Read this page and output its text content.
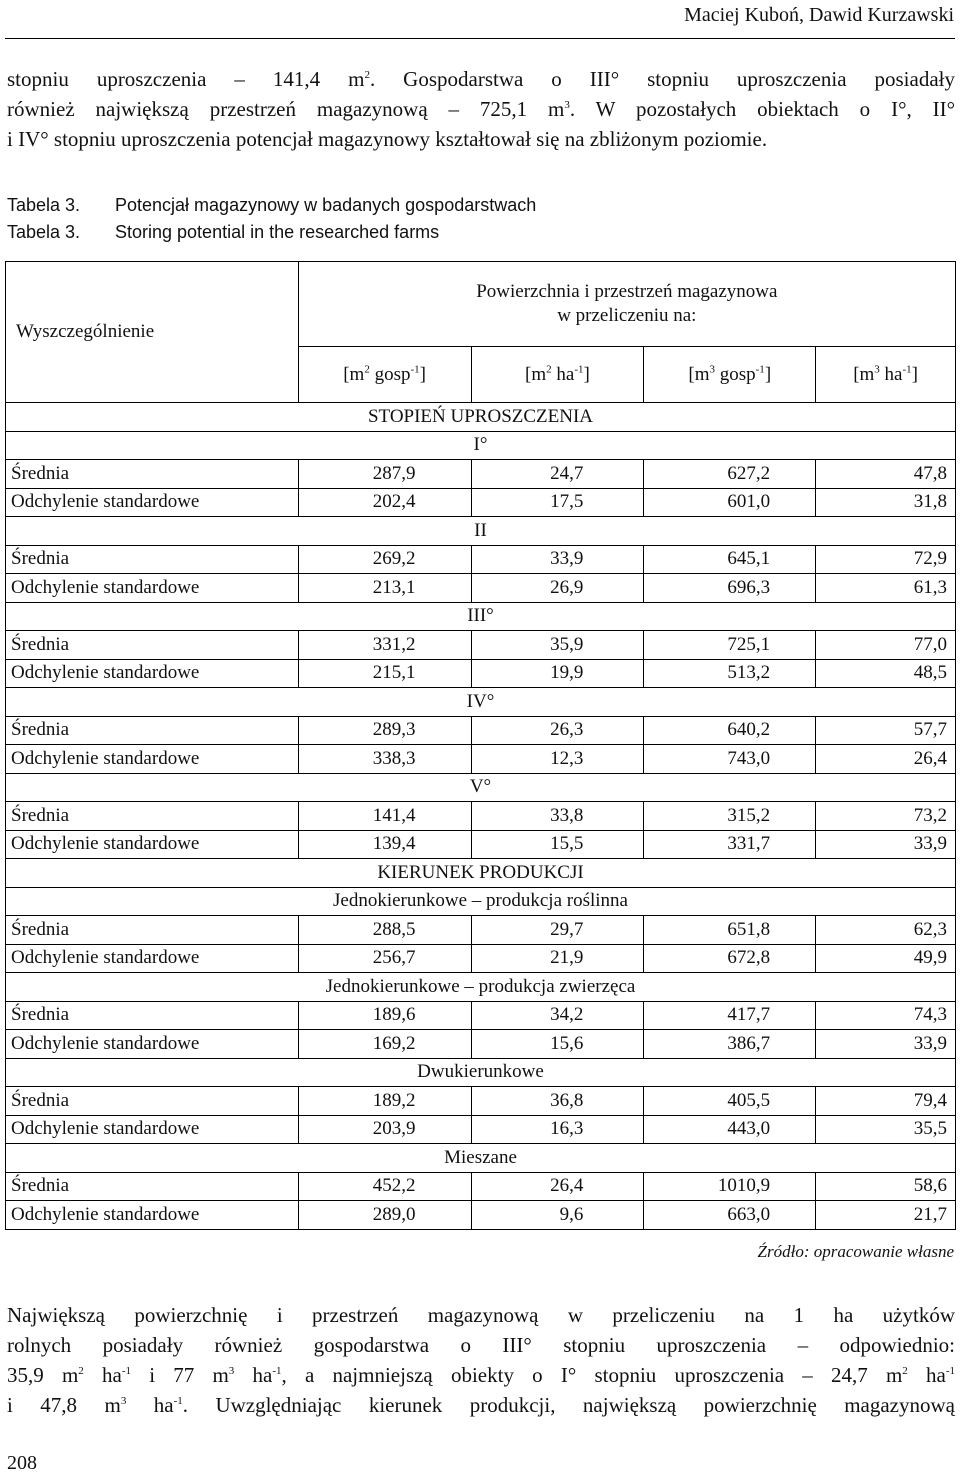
Maciej Kuboń, Dawid Kurzawski

stopniu uproszczenia – 141,4 $m^2$. Gospodarstwa o III° stopniu uproszczenia posiadały

również największą przestrzeń magazynową – 725,1 $m^3$. W pozostałych obiektach o I°, II°

i IV° stopniu uproszczenia potencjał magazynowy kształtował się na zbliżonym poziomie.

Tabela 3. Potencjał magazynowy w badanych gospodarstwach
Tabela 3. Storing potential in the researched farms
Wyszczególnienie	Powierzchnia i przestrzeń magazynowa
w przeliczeniu na:			

	[$m^2$ gosp$^{-1}$]	[$m^2$ $ha^{-1}$]	[$m^3$ gosp$^{-1}$]	[$m^3$ $ha^{-1}$]
STOPIEŃ UPROSZCZENIA				
I°				
Średnia	287,9	24,7	627,2	47,8
Odchylenie standardowe	202,4	17,5	601,0	31,8
II				
Średnia	269,2	33,9	645,1	72,9
Odchylenie standardowe	213,1	26,9	696,3	61,3
III°				
Średnia	331,2	35,9	725,1	77,0
Odchylenie standardowe	215,1	19,9	513,2	48,5
IV°				
Średnia	289,3	26,3	640,2	57,7
Odchylenie standardowe	338,3	12,3	743,0	26,4
V°				
Średnia	141,4	33,8	315,2	73,2
Odchylenie standardowe	139,4	15,5	331,7	33,9
KIERUNEK PRODUKCJI				
Jednokierunkowe – produkcja roślinna				
Średnia	288,5	29,7	651,8	62,3
Odchylenie standardowe	256,7	21,9	672,8	49,9
Jednokierunkowe – produkcja zwierzęca				
Średnia	189,6	34,2	417,7	74,3
Odchylenie standardowe	169,2	15,6	386,7	33,9
Dwukierunkowe				
Średnia	189,2	36,8	405,5	79,4
Odchylenie standardowe	203,9	16,3	443,0	35,5
Mieszane				
Średnia	452,2	26,4	1010,9	58,6
Odchylenie standardowe	289,0	9,6	663,0	21,7
Źródło: opracowanie własne

Największą powierzchnię i przestrzeń magazynową w przeliczeniu na 1 ha użytków

rolnych posiadały również gospodarstwa o III° stopniu uproszczenia – odpowiednio:

35,9 $m^2$ $ha^{-1}$ i 77 $m^3$ $ha^{-1}$, a najmniejszą obiekty o I° stopniu uproszczenia – 24,7 $m^2$ $ha^{-1}$

i 47,8 $m^3$ $ha^{-1}$. Uwzględniając kierunek produkcji, największą powierzchnię magazynową

208
